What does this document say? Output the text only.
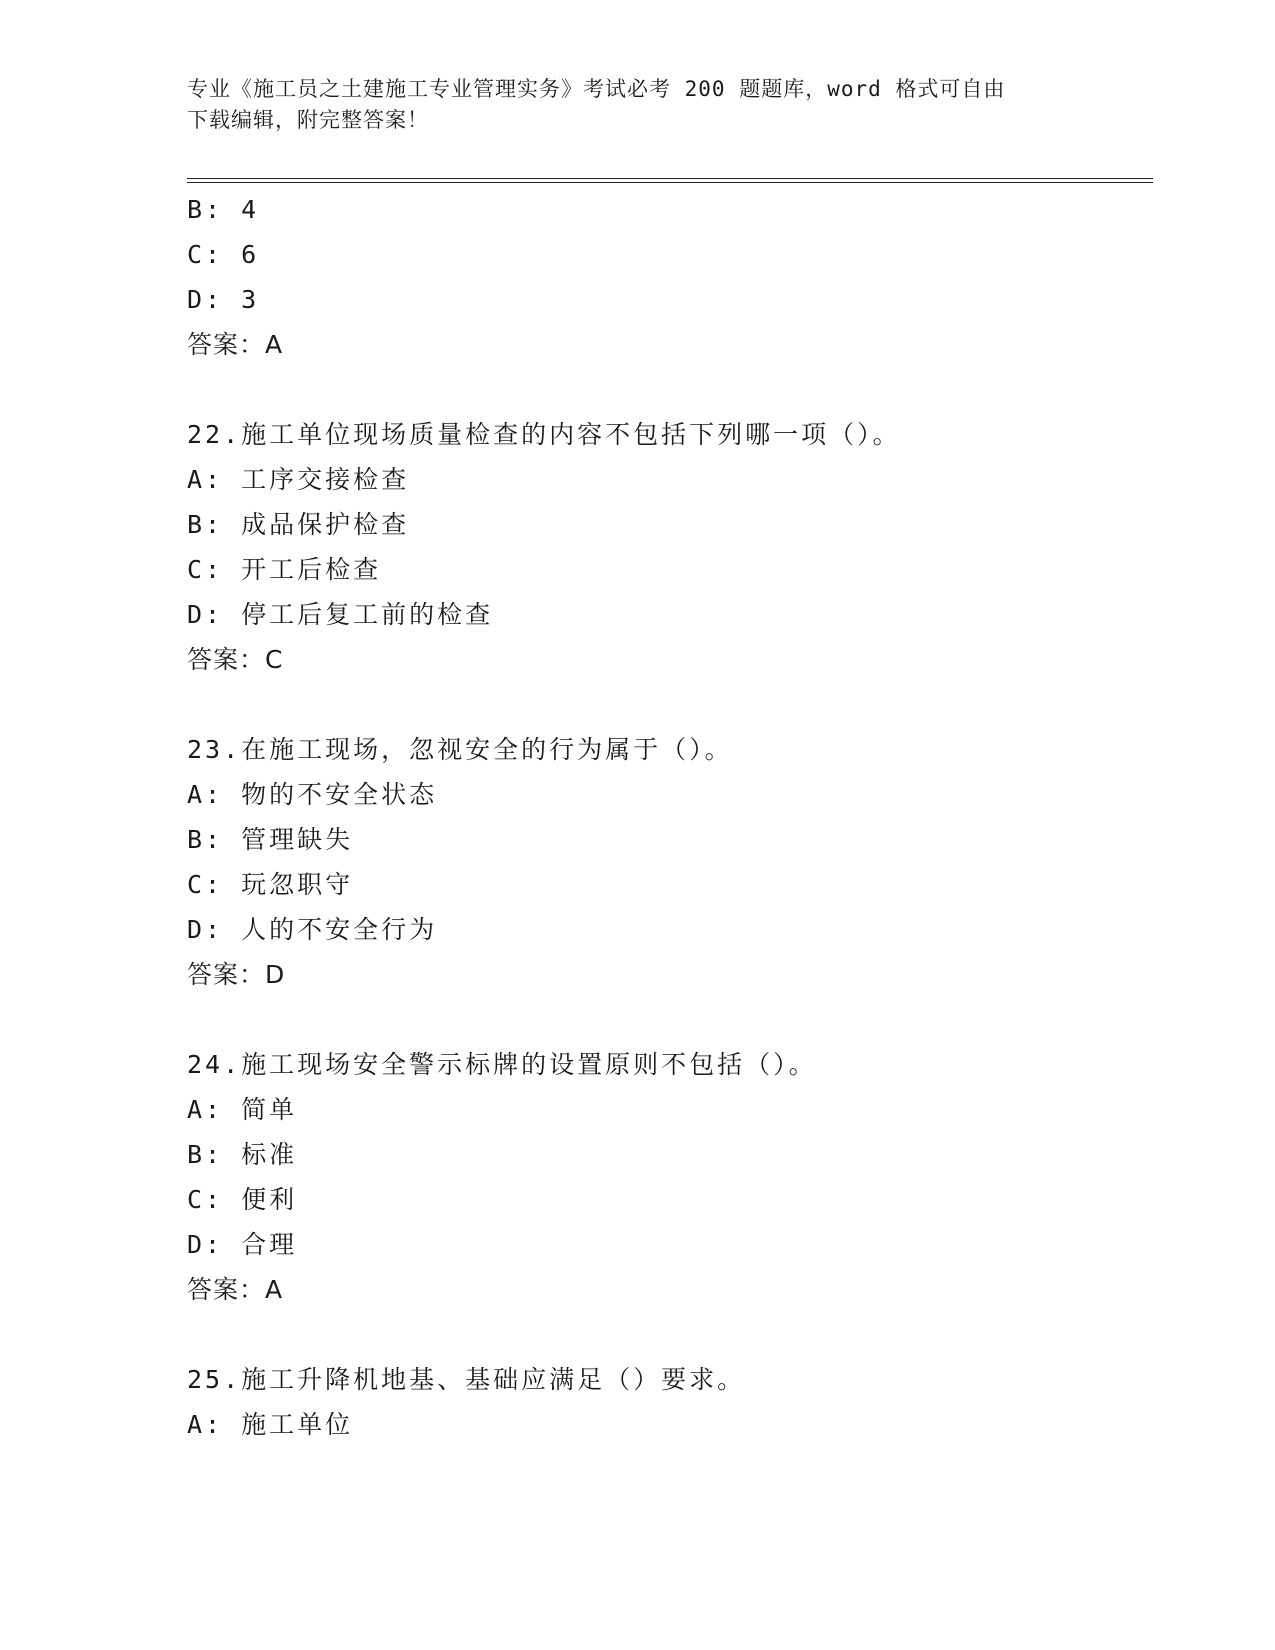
专业《施工员之土建施工专业管理实务》考试必考 200 题题库，word 格式可自由
下载编辑，附完整答案！
B: 4
C: 6
D: 3
答案：A
22.施工单位现场质量检查的内容不包括下列哪一项（）。
A: 工序交接检查
B: 成品保护检查
C: 开工后检查
D: 停工后复工前的检查
答案：C
23.在施工现场，忽视安全的行为属于（）。
A: 物的不安全状态
B: 管理缺失
C: 玩忽职守
D: 人的不安全行为
答案：D
24.施工现场安全警示标牌的设置原则不包括（）。
A: 简单
B: 标准
C: 便利
D: 合理
答案：A
25.施工升降机地基、基础应满足（）要求。
A: 施工单位
